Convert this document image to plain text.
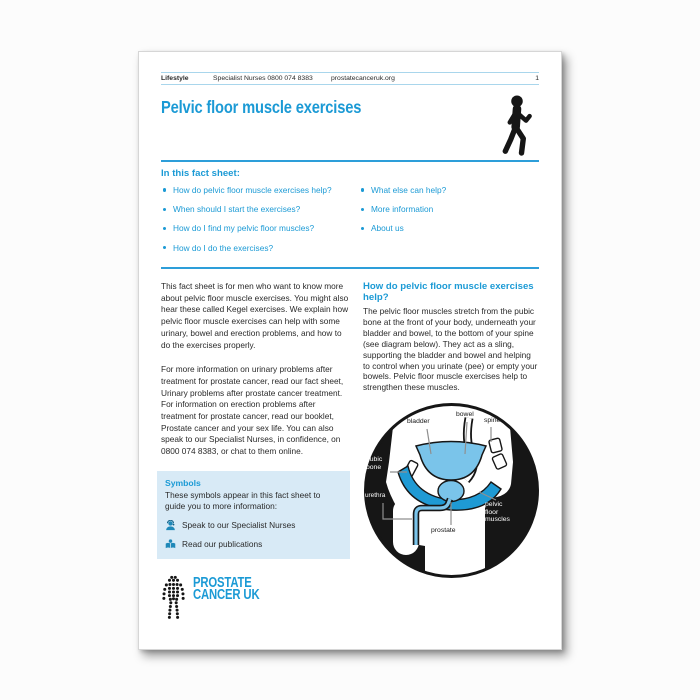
Lifestyle	Specialist Nurses 0800 074 8383	prostatecanceruk.org	1
Pelvic floor muscle exercises
In this fact sheet:
How do pelvic floor muscle exercises help?
When should I start the exercises?
How do I find my pelvic floor muscles?
How do I do the exercises?
What else can help?
More information
About us

This fact sheet is for men who want to know more about pelvic floor muscle exercises. You might also hear these called Kegel exercises. We explain how pelvic floor muscle exercises can help with some urinary, bowel and erection problems, and how to do the exercises properly.

For more information on urinary problems after treatment for prostate cancer, read our fact sheet, Urinary problems after prostate cancer treatment. For information on erection problems after treatment for prostate cancer, read our booklet, Prostate cancer and your sex life. You can also speak to our Specialist Nurses, in confidence, on 0800 074 8383, or chat to them online.

Symbols
These symbols appear in this fact sheet to guide you to more information:
Speak to our Specialist Nurses
Read our publications
PROSTATE
CANCER UK
How do pelvic floor muscle exercises help?

The pelvic floor muscles stretch from the pubic bone at the front of your body, underneath your bladder and bowel, to the bottom of your spine (see diagram below). They act as a sling, supporting the bladder and bowel and helping to control when you urinate (pee) or empty your bowels. Pelvic floor muscle exercises help to strengthen these muscles.

bladder
bowel
spine
pubic bone
urethra
prostate
pelvic floor muscles
